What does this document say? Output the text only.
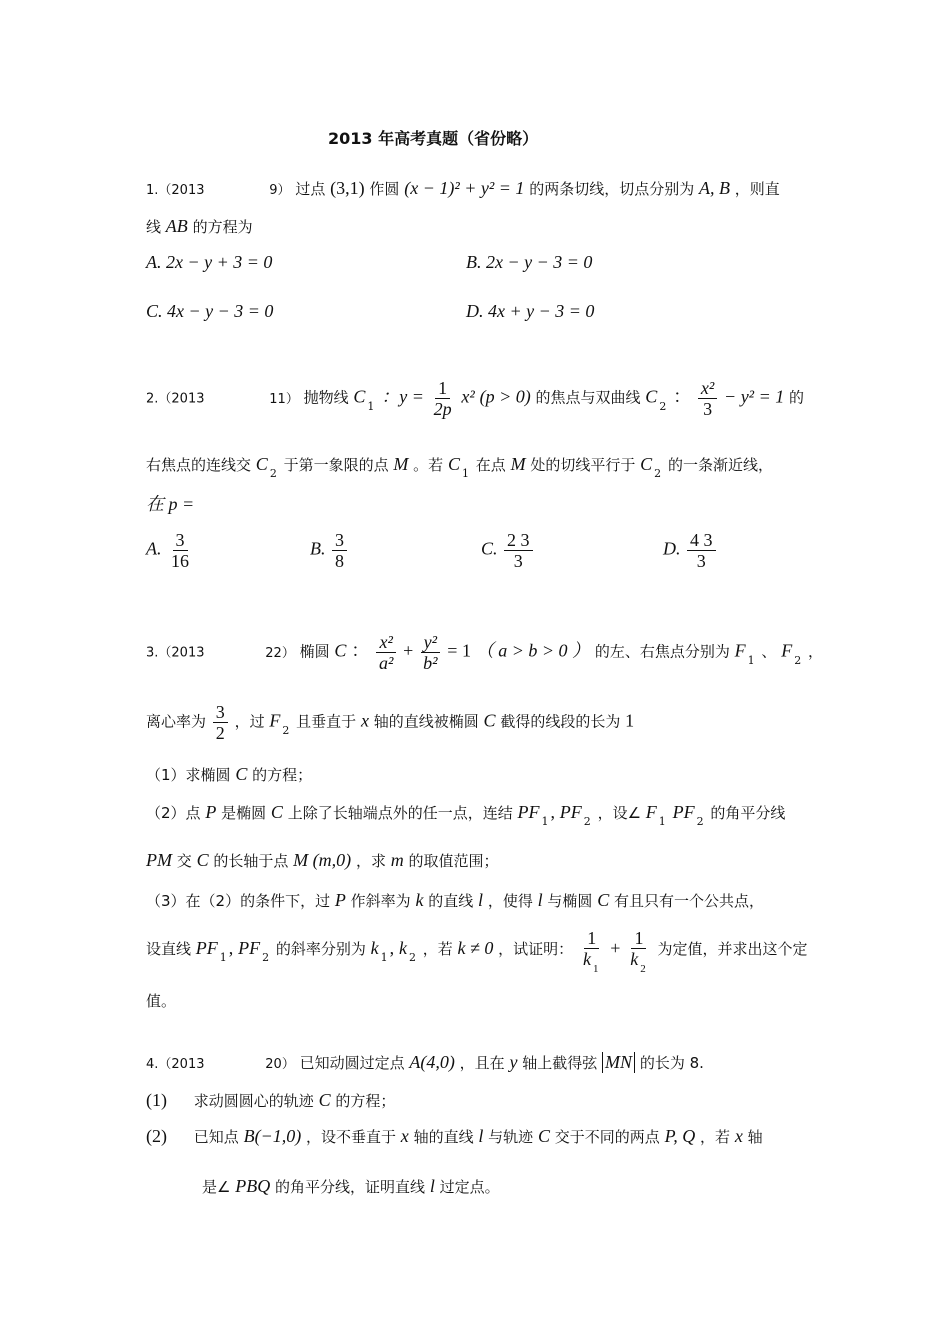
2013 年高考真题（省份略）
1.（2013	9） 过点 (3,1) 作圆 (x − 1)² + y² = 1 的两条切线，切点分别为 A, B ，则直
线 AB 的方程为
A. 2x − y + 3 = 0	B. 2x − y − 3 = 0
C. 4x − y − 3 = 0	D. 4x + y − 3 = 0
2.（2013	11） 抛物线 C $_1$ ：$y = \frac{1}{2p} x^2$ (p > 0) 的焦点与双曲线 C $_2$ ： $\frac{\text{x²}}{3} - y^2 = 1$ 的
右焦点的连线交 C $_2$ 于第一象限的点 M 。若 C $_1$ 在点 M 处的切线平行于 C $_2$ 的一条渐近线，
在 p =
A. $\frac{3}{16}$	B. $\frac{3}{8}$	C. $\frac{2 3}{3}$	D. $\frac{4 3}{3}$
3.（2013	22） 椭圆 C ： $\frac{\text{x²}}{\text{a²}} + \frac{\text{y²}}{\text{b²}} = 1$ （ a > b > 0 ） 的左、右焦点分别为 F $_1$ 、 F $_2$ ，
离心率为 $\frac{3}{2}$ ，过 F $_2$ 且垂直于 x 轴的直线被椭圆 C 截得的线段的长为 1
（1）求椭圆 C 的方程；
（2）点 P 是椭圆 C 上除了长轴端点外的任一点，连结 PF $_1$ , PF $_2$ ，设∠ F $_1$ PF $_2$ 的角平分线
PM 交 C 的长轴于点 M (m,0) ，求 m 的取值范围；
（3）在（2）的条件下，过 P 作斜率为 k 的直线 l ，使得 l 与椭圆 C 有且只有一个公共点，
设直线 PF $_1$ , PF $_2$ 的斜率分别为 k $_1$ , k $_2$ ，若 k ≠ 0 ，试证明： $\frac{1}{k _1} + \frac{1}{k _2}$ 为定值，并求出这个定
值。
4.（2013	20） 已知动圆过定点 A(4,0) ，且在 y 轴上截得弦 MN 的长为 8.
(1) 求动圆圆心的轨迹 C 的方程；
(2) 已知点 B(−1,0) ，设不垂直于 x 轴的直线 l 与轨迹 C 交于不同的两点 P, Q ，若 x 轴
是∠ PBQ 的角平分线，证明直线 l 过定点。
